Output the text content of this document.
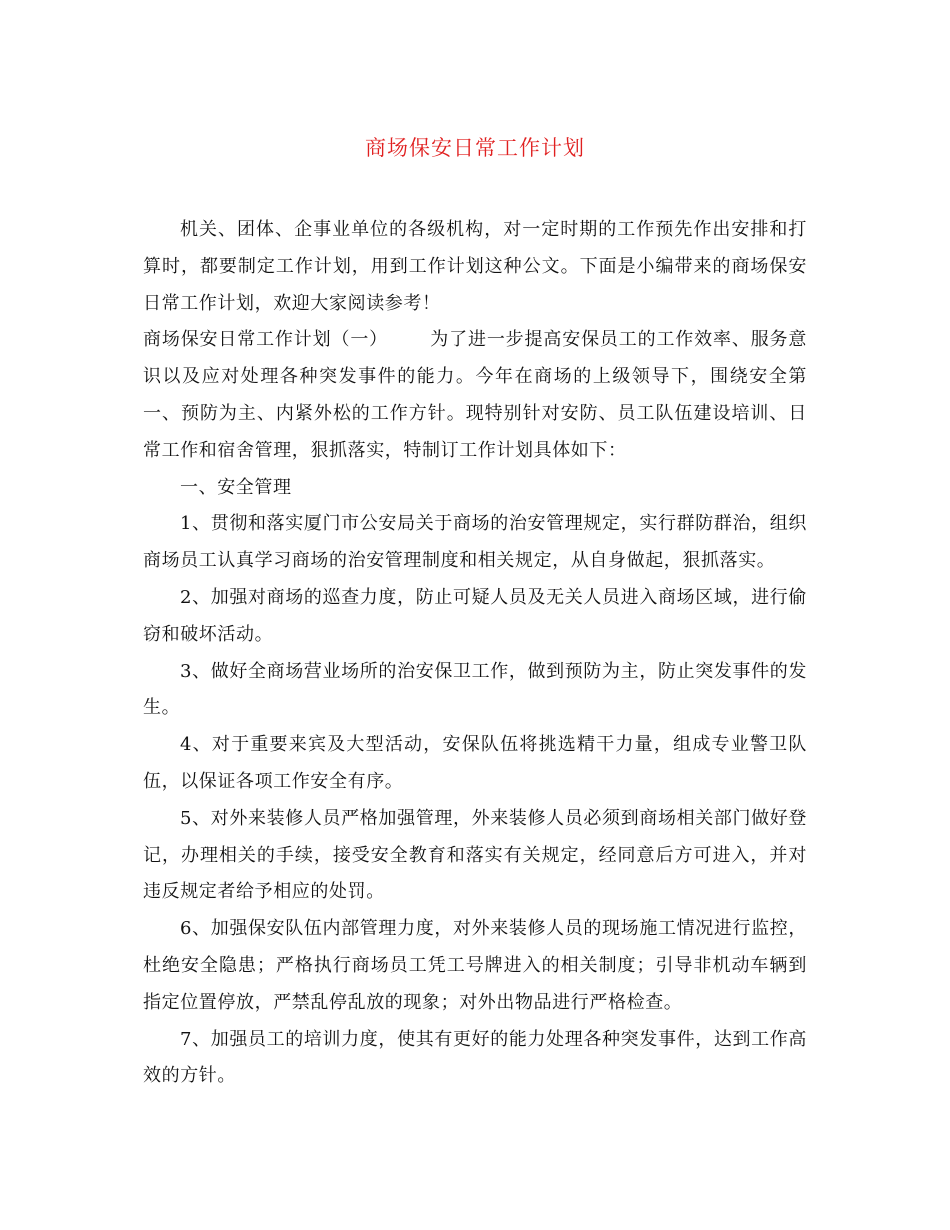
商场保安日常工作计划

机关、团体、企事业单位的各级机构，对一定时期的工作预先作出安排和打算时，都要制定工作计划，用到工作计划这种公文。下面是小编带来的商场保安日常工作计划，欢迎大家阅读参考！

商场保安日常工作计划（一） 为了进一步提高安保员工的工作效率、服务意识以及应对处理各种突发事件的能力。今年在商场的上级领导下，围绕安全第一、预防为主、内紧外松的工作方针。现特别针对安防、员工队伍建设培训、日常工作和宿舍管理，狠抓落实，特制订工作计划具体如下：

一、安全管理

1、贯彻和落实厦门市公安局关于商场的治安管理规定，实行群防群治，组织商场员工认真学习商场的治安管理制度和相关规定，从自身做起，狠抓落实。

2、加强对商场的巡查力度，防止可疑人员及无关人员进入商场区域，进行偷窃和破坏活动。

3、做好全商场营业场所的治安保卫工作，做到预防为主，防止突发事件的发生。

4、对于重要来宾及大型活动，安保队伍将挑选精干力量，组成专业警卫队伍，以保证各项工作安全有序。

5、对外来装修人员严格加强管理，外来装修人员必须到商场相关部门做好登记，办理相关的手续，接受安全教育和落实有关规定，经同意后方可进入，并对违反规定者给予相应的处罚。

6、加强保安队伍内部管理力度，对外来装修人员的现场施工情况进行监控，杜绝安全隐患；严格执行商场员工凭工号牌进入的相关制度；引导非机动车辆到指定位置停放，严禁乱停乱放的现象；对外出物品进行严格检查。

7、加强员工的培训力度，使其有更好的能力处理各种突发事件，达到工作高效的方针。
